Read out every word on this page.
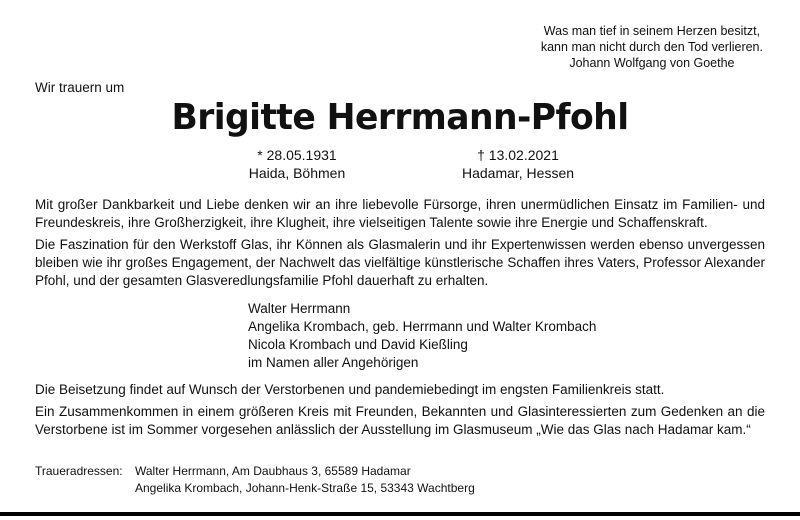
Was man tief in seinem Herzen besitzt,
kann man nicht durch den Tod verlieren.
Johann Wolfgang von Goethe
Wir trauern um
Brigitte Herrmann-Pfohl
* 28.05.1931
Haida, Böhmen
† 13.02.2021
Hadamar, Hessen
Mit großer Dankbarkeit und Liebe denken wir an ihre liebevolle Fürsorge, ihren unermüdlichen Einsatz im Familien- und Freundeskreis, ihre Großherzigkeit, ihre Klugheit, ihre vielseitigen Talente sowie ihre Energie und Schaffenskraft.
Die Faszination für den Werkstoff Glas, ihr Können als Glasmalerin und ihr Expertenwissen werden ebenso unvergessen bleiben wie ihr großes Engagement, der Nachwelt das vielfältige künstlerische Schaffen ihres Vaters, Professor Alexander Pfohl, und der gesamten Glasveredlungsfamilie Pfohl dauerhaft zu erhalten.
Walter Herrmann
Angelika Krombach, geb. Herrmann und Walter Krombach
Nicola Krombach und David Kießling
im Namen aller Angehörigen
Die Beisetzung findet auf Wunsch der Verstorbenen und pandemiebedingt im engsten Familienkreis statt.
Ein Zusammenkommen in einem größeren Kreis mit Freunden, Bekannten und Glasinteressierten zum Gedenken an die Verstorbene ist im Sommer vorgesehen anlässlich der Ausstellung im Glasmuseum „Wie das Glas nach Hadamar kam.“
Traueradressen:	Walter Herrmann, Am Daubhaus 3, 65589 Hadamar
Angelika Krombach, Johann-Henk-Straße 15, 53343 Wachtberg
